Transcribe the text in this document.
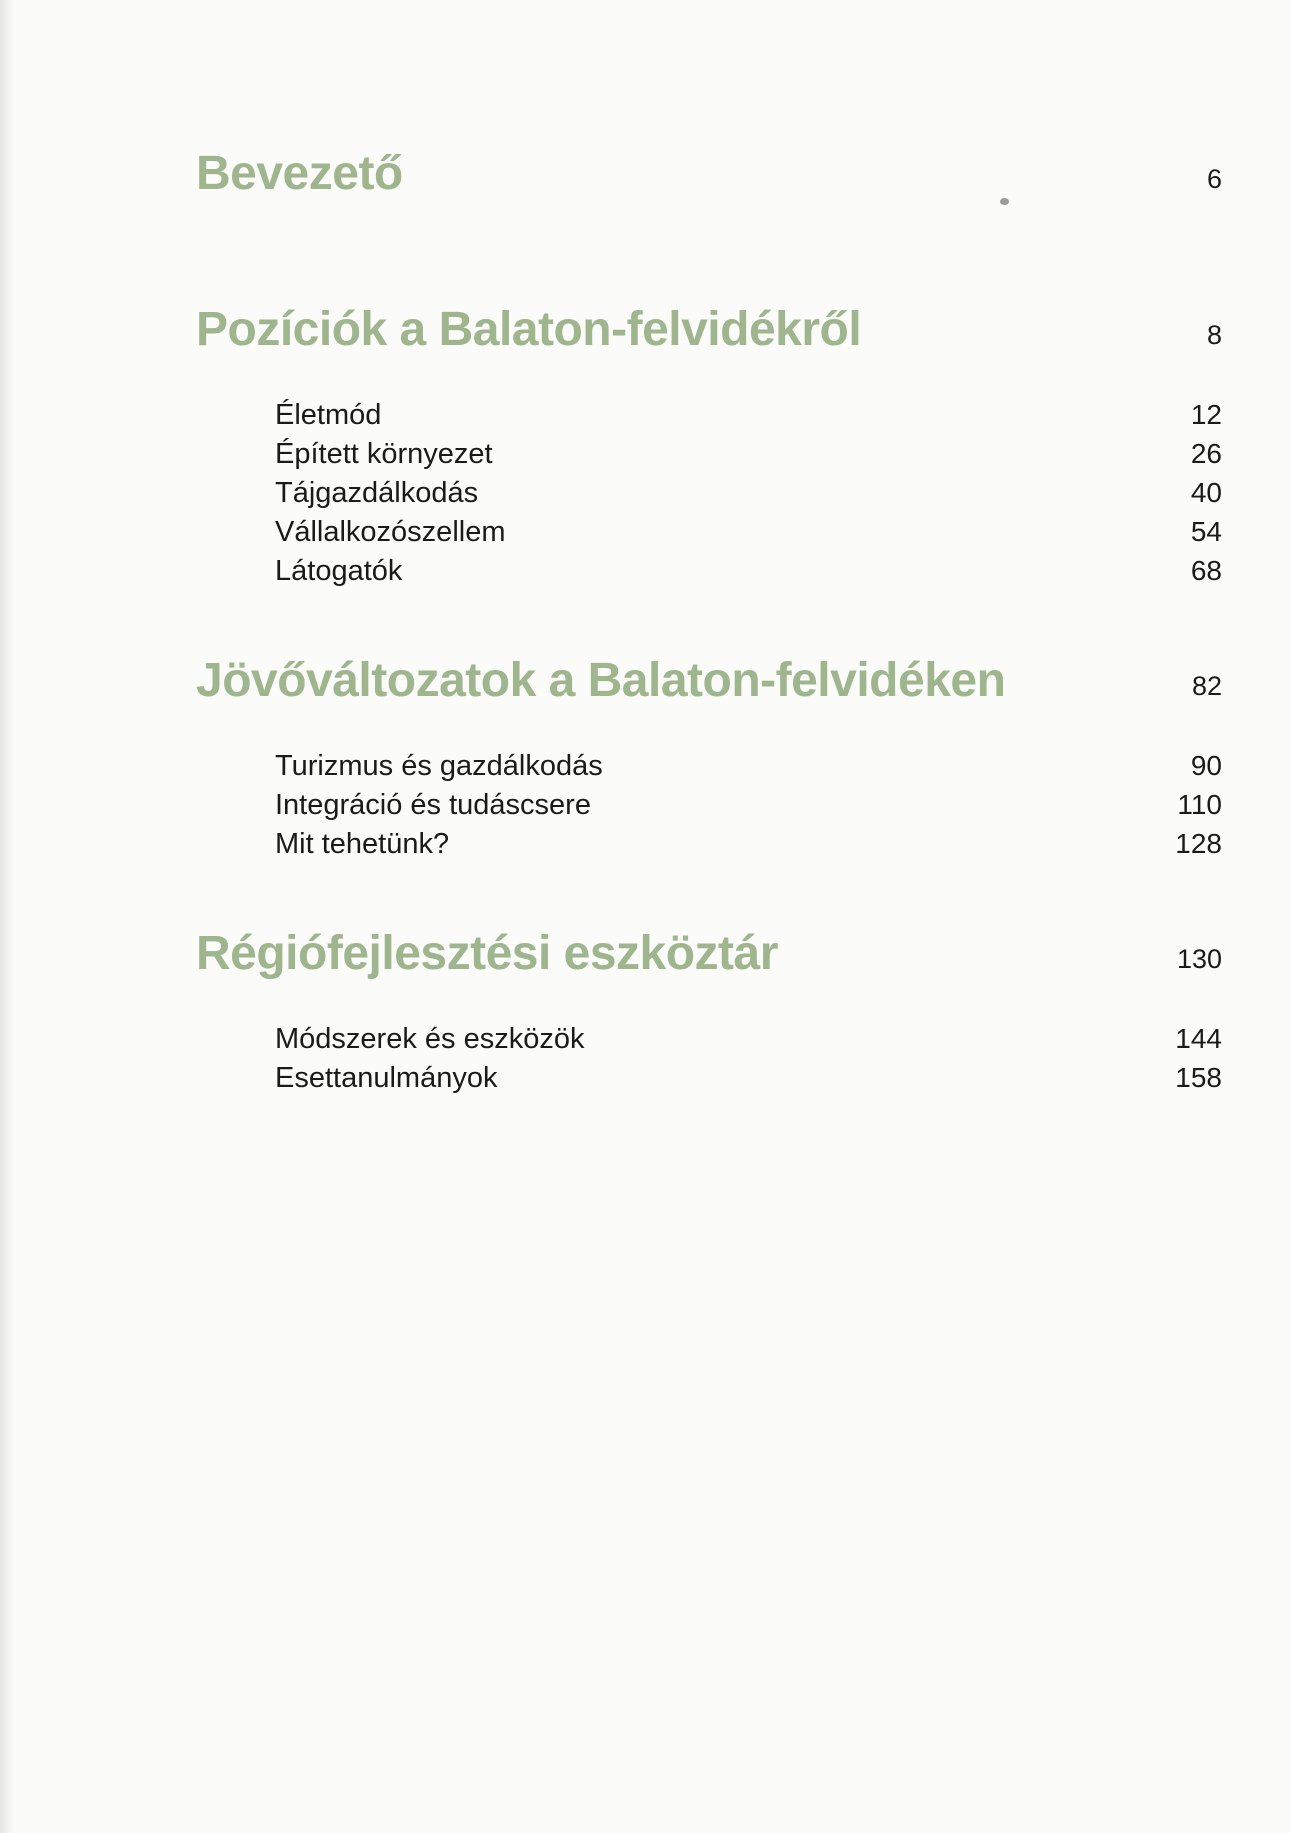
Bevezető	6
Pozíciók a Balaton-felvidékről	8
Életmód	12
Épített környezet	26
Tájgazdálkodás	40
Vállalkozószellem	54
Látogatók	68
Jövőváltozatok a Balaton-felvidéken	82
Turizmus és gazdálkodás	90
Integráció és tudáscsere	110
Mit tehetünk?	128
Régiófejlesztési eszköztár	130
Módszerek és eszközök	144
Esettanulmányok	158
